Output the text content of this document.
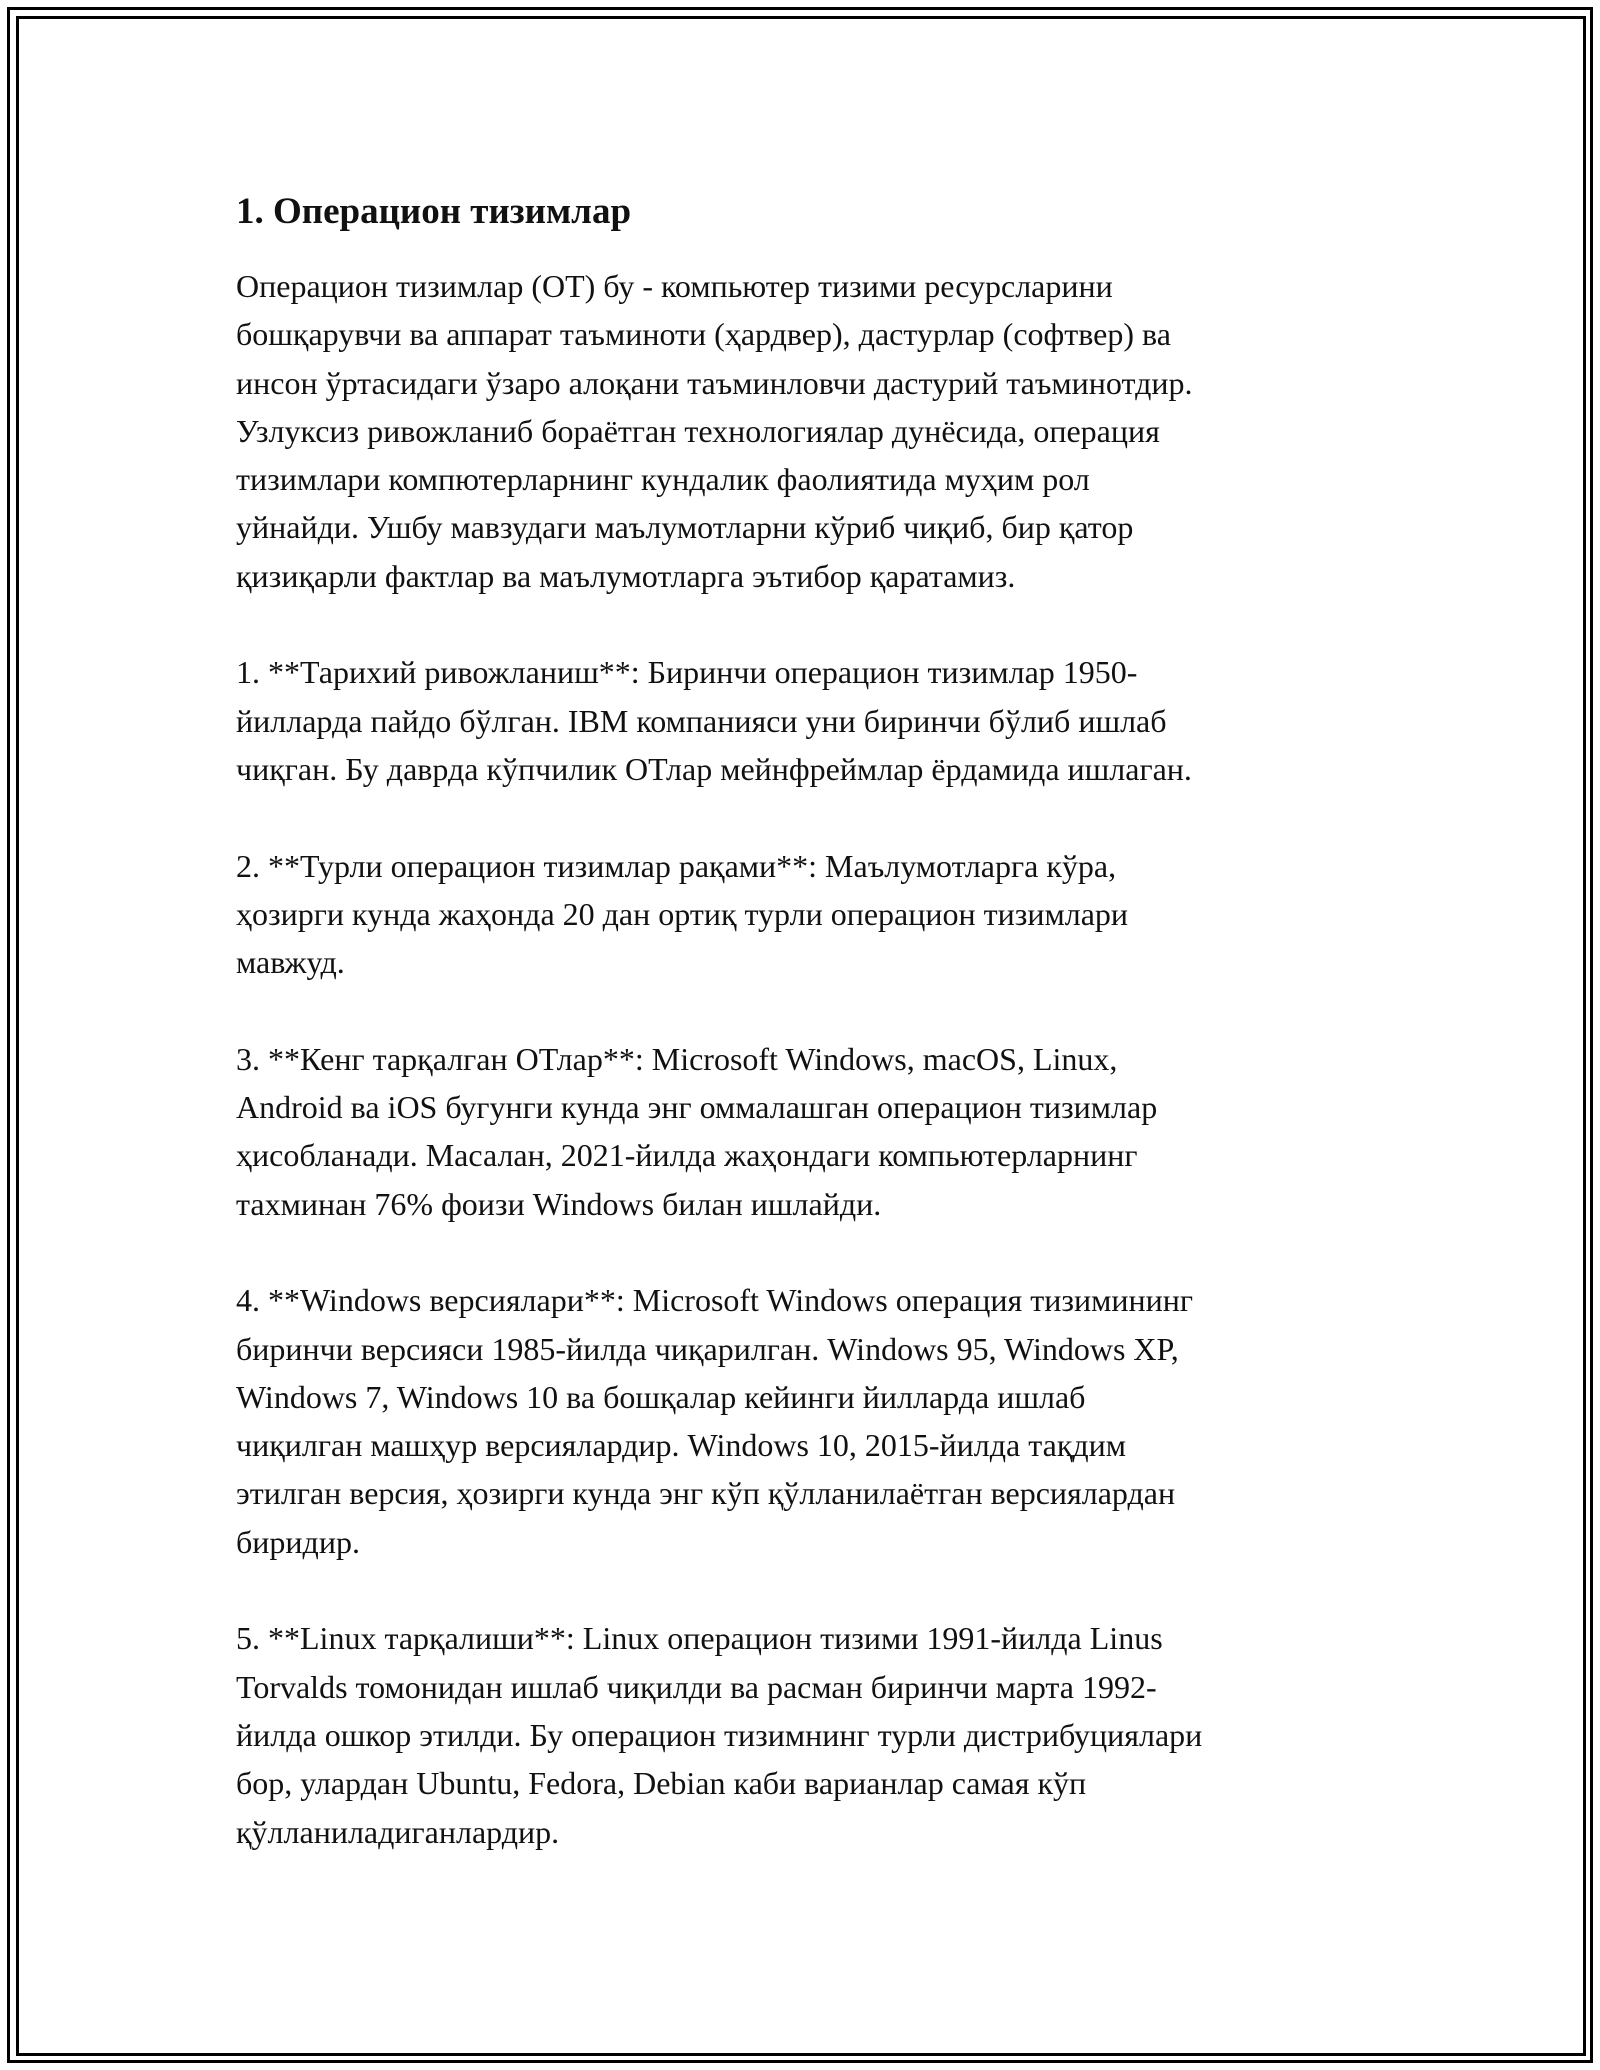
1. Операцион тизимлар
Операцион тизимлар (ОТ) бу - компьютер тизими ресурсларини
бошқарувчи ва аппарат таъминоти (ҳардвер), дастурлар (софтвер) ва
инсон ўртасидаги ўзаро алоқани таъминловчи дастурий таъминотдир.
Узлуксиз ривожланиб бораётган технологиялар дунёсида, операция
тизимлари компютерларнинг кундалик фаолиятида муҳим рол
уйнайди. Ушбу мавзудаги маълумотларни кўриб чиқиб, бир қатор
қизиқарли фактлар ва маълумотларга эътибор қаратамиз.
1. **Тарихий ривожланиш**: Биринчи операцион тизимлар 1950-
йилларда пайдо бўлган. IBM компанияси уни биринчи бўлиб ишлаб
чиқган. Бу даврда кўпчилик ОТлар мейнфреймлар ёрдамида ишлаган.
2. **Турли операцион тизимлар рақами**: Маълумотларга кўра,
ҳозирги кунда жаҳонда 20 дан ортиқ турли операцион тизимлари
мавжуд.
3. **Кенг тарқалган ОТлар**: Microsoft Windows, macOS, Linux,
Android ва iOS бугунги кунда энг оммалашган операцион тизимлар
ҳисобланади. Масалан, 2021-йилда жаҳондаги компьютерларнинг
тахминан 76% фоизи Windows билан ишлайди.
4. **Windows версиялари**: Microsoft Windows операция тизимининг
биринчи версияси 1985-йилда чиқарилган. Windows 95, Windows XP,
Windows 7, Windows 10 ва бошқалар кейинги йилларда ишлаб
чиқилган машҳур версиялардир. Windows 10, 2015-йилда тақдим
этилган версия, ҳозирги кунда энг кўп қўлланилаётган версиялардан
биридир.
5. **Linux тарқалиши**: Linux операцион тизими 1991-йилда Linus
Torvalds томонидан ишлаб чиқилди ва расман биринчи марта 1992-
йилда ошкор этилди. Бу операцион тизимнинг турли дистрибуциялари
бор, улардан Ubuntu, Fedora, Debian каби варианлар самая кўп
қўлланиладиганлардир.
